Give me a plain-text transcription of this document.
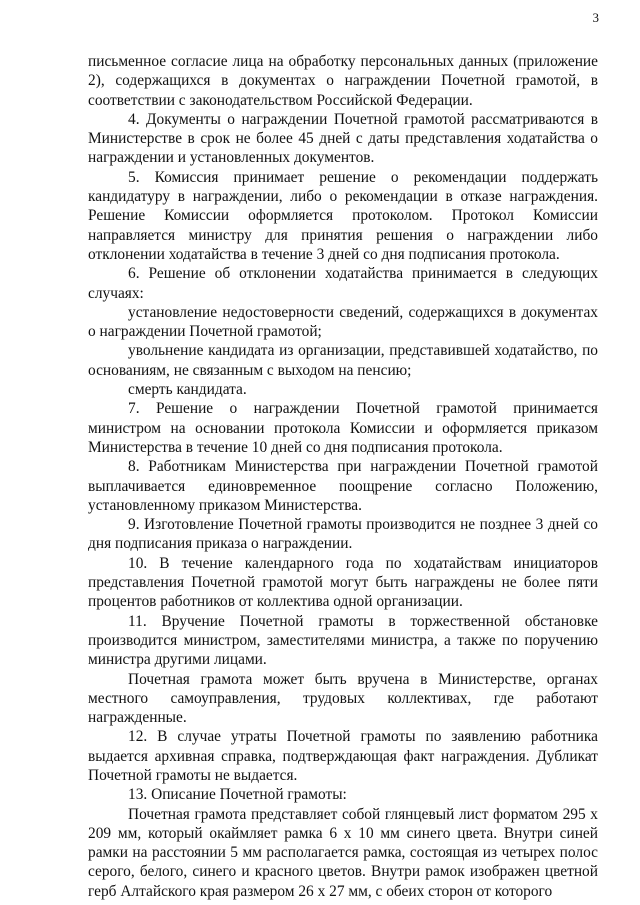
3

письменное согласие лица на обработку персональных данных (приложение 2), содержащихся в документах о награждении Почетной грамотой, в соответствии с законодательством Российской Федерации.

4. Документы о награждении Почетной грамотой рассматриваются в Министерстве в срок не более 45 дней с даты представления ходатайства о награждении и установленных документов.

5. Комиссия принимает решение о рекомендации поддержать кандидатуру в награждении, либо о рекомендации в отказе награждения. Решение Комиссии оформляется протоколом. Протокол Комиссии направляется министру для принятия решения о награждении либо отклонении ходатайства в течение 3 дней со дня подписания протокола.

6. Решение об отклонении ходатайства принимается в следующих случаях:

установление недостоверности сведений, содержащихся в документах о награждении Почетной грамотой;

увольнение кандидата из организации, представившей ходатайство, по основаниям, не связанным с выходом на пенсию;

смерть кандидата.

7. Решение о награждении Почетной грамотой принимается министром на основании протокола Комиссии и оформляется приказом Министерства в течение 10 дней со дня подписания протокола.

8. Работникам Министерства при награждении Почетной грамотой выплачивается единовременное поощрение согласно Положению, установленному приказом Министерства.

9. Изготовление Почетной грамоты производится не позднее 3 дней со дня подписания приказа о награждении.

10. В течение календарного года по ходатайствам инициаторов представления Почетной грамотой могут быть награждены не более пяти процентов работников от коллектива одной организации.

11. Вручение Почетной грамоты в торжественной обстановке производится министром, заместителями министра, а также по поручению министра другими лицами.

Почетная грамота может быть вручена в Министерстве, органах местного самоуправления, трудовых коллективах, где работают награжденные.

12. В случае утраты Почетной грамоты по заявлению работника выдается архивная справка, подтверждающая факт награждения. Дубликат Почетной грамоты не выдается.

13. Описание Почетной грамоты:

Почетная грамота представляет собой глянцевый лист форматом 295 х 209 мм, который окаймляет рамка 6 х 10 мм синего цвета. Внутри синей рамки на расстоянии 5 мм располагается рамка, состоящая из четырех полос серого, белого, синего и красного цветов. Внутри рамок изображен цветной герб Алтайского края размером 26 х 27 мм, с обеих сторон от которого
